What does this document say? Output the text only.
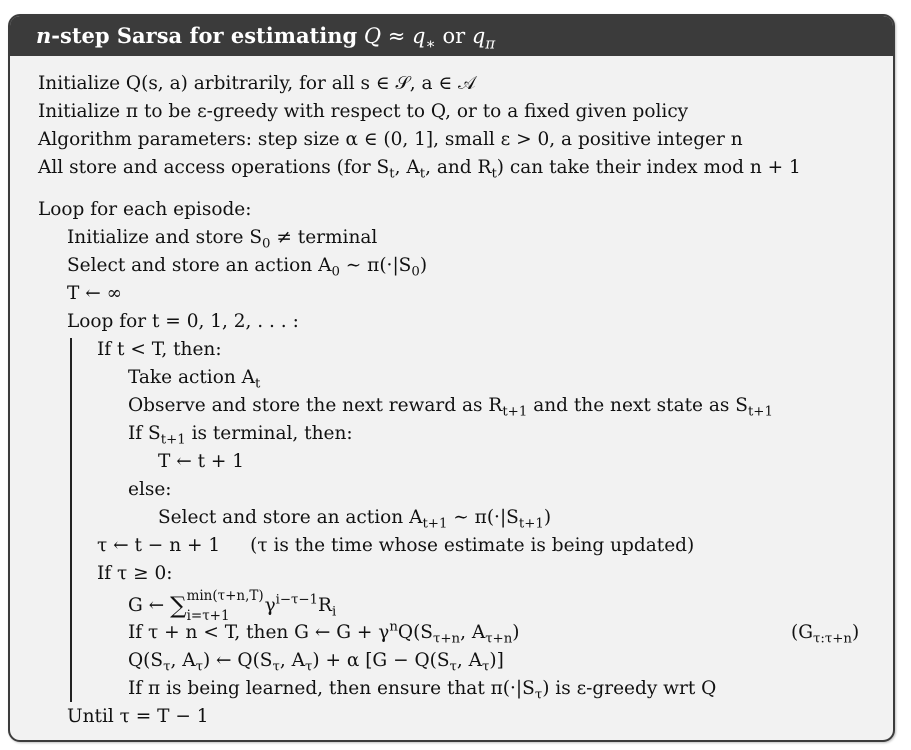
n-step Sarsa for estimating $Q \approx q_∗$ or $q_\pi$
Initialize Q(s, a) arbitrarily, for all s ∈ 𝒮, a ∈ 𝒜
Initialize π to be ε-greedy with respect to Q, or to a fixed given policy
Algorithm parameters: step size α ∈ (0, 1], small ε > 0, a positive integer n
All store and access operations (for $S_t$, $A_t$, and $R_t$) can take their index mod n + 1
Loop for each episode:
Initialize and store $S_0$ ≠ terminal
Select and store an action $A_0$ ∼ $\pi(\cdot|S_0)$
T ← ∞
Loop for t = 0, 1, 2, . . . :
If t < T, then:
Take action $A_t$
Observe and store the next reward as $R_{t+1}$ and the next state as $S_{t+1}$
If $S_{t+1}$ is terminal, then:
T ← t + 1
else:
Select and store an action $A_{t+1}$ ∼ $\pi(\cdot|S_{t+1})$
τ ← t − n + 1 (τ is the time whose estimate is being updated)
If τ ≥ 0:
G ← ∑ min(τ+n,T)
i=τ+1 $\gamma^{i-\tau-1}R_i$
If τ + n < T, then G ← $G + \gamma^nQ(S_{\tau+n}$, $A_{\tau+n}$)	$(G_{\tau:\tau+n})$
$Q(S_\tau$, $A_\tau$) ← $Q(S_\tau$, $A_\tau) + \alpha$ [$G - Q(S_\tau$, $A_\tau$)]
If π is being learned, then ensure that $\pi(\cdot|S_\tau)$ is ε-greedy wrt Q
Until τ = T − 1
